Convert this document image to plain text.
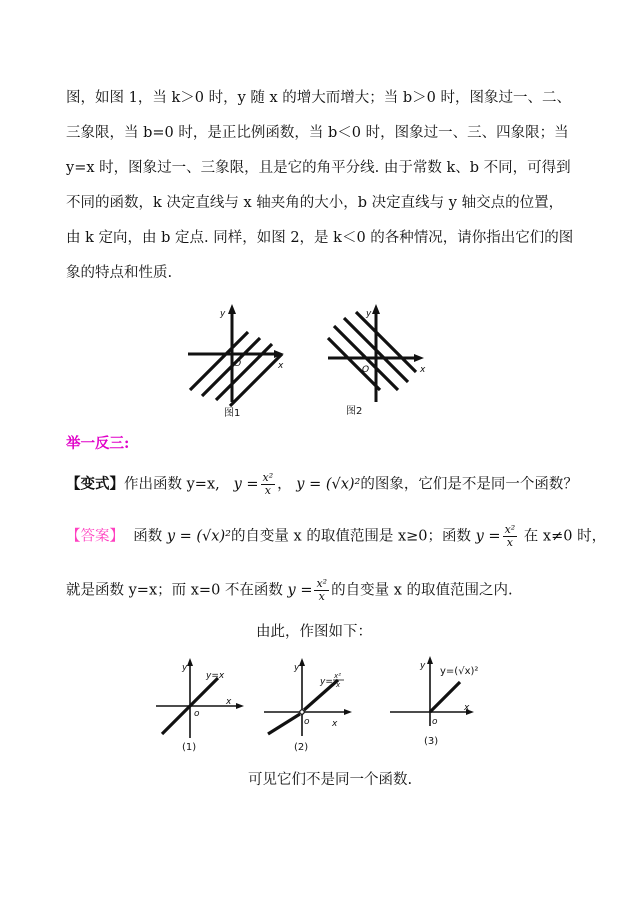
图，如图 1，当 k＞0 时，y 随 x 的增大而增大；当 b＞0 时，图象过一、二、
三象限，当 b=0 时，是正比例函数，当 b＜0 时，图象过一、三、四象限；当
y=x 时，图象过一、三象限，且是它的角平分线. 由于常数 k、b 不同，可得到
不同的函数，k 决定直线与 x 轴夹角的大小，b 决定直线与 y 轴交点的位置，
由 k 定向，由 b 定点. 同样，如图 2，是 k＜0 的各种情况，请你指出它们的图
象的特点和性质.
y
x
O
图1
y
x
O
图2
举一反三:
【变式】作出函数 y=x, $y = \frac{\text{x²}}{x}$ ， y = (√x)²的图象，它们是不是同一个函数？
【答案】 函数 y = (√x)²的自变量 x 的取值范围是 x≥0；函数 $y = \frac{\text{x²}}{x}$ 在 x≠0 时，
就是函数 y=x；而 x=0 不在函数 $y = \frac{\text{x²}}{x}$ 的自变量 x 的取值范围之内.
由此，作图如下：
y
x
o
y=x
(1)
y
x
o
y=
x²
x
(2)
y
x
o
y=(√x)²
(3)
可见它们不是同一个函数.
